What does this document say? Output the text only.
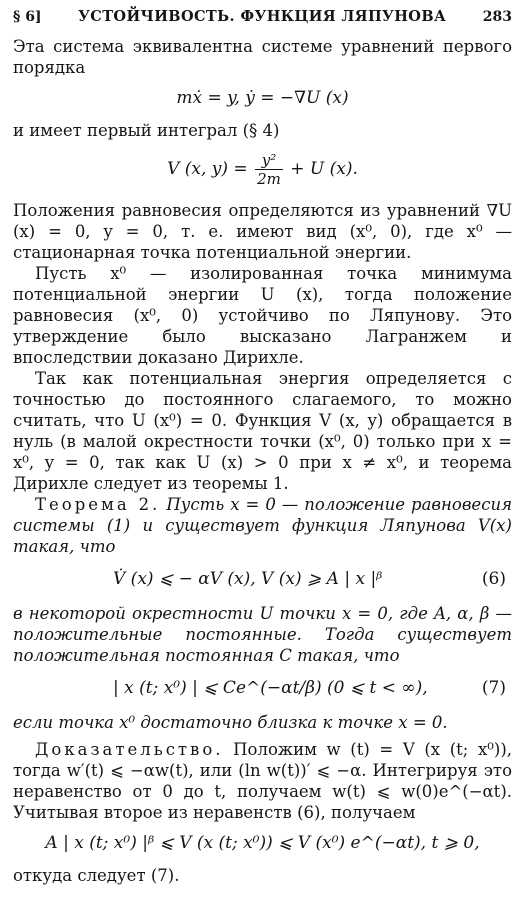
§ 6]	УСТОЙЧИВОСТЬ. ФУНКЦИЯ ЛЯПУНОВА	283

Эта система эквивалентна системе уравнений первого порядка

mẋ = y, ẏ = −∇U (x)

и имеет первый интеграл (§ 4)

V (x, $y) = \frac{\text{y²}}{2m} + U$ (x).

Положения равновесия определяются из уравнений ∇U (x) = 0, y = 0, т. е. имеют вид (x⁰, 0), где x⁰ — стационарная точка потенциальной энергии.

Пусть x⁰ — изолированная точка минимума потенциальной энергии U (x), тогда положение равновесия (x⁰, 0) устойчиво по Ляпунову. Это утверждение было высказано Лагранжем и впоследствии доказано Дирихле.

Так как потенциальная энергия определяется с точностью до постоянного слагаемого, то можно считать, что U (x⁰) = 0. Функция V (x, y) обращается в нуль (в малой окрестности точки (x⁰, 0) только при x = x⁰, y = 0, так как U (x) > 0 при x ≠ x⁰, и теорема Дирихле следует из теоремы 1.

Теорема 2. Пусть x = 0 — положение равновесия системы (1) и существует функция Ляпунова V(x) такая, что

V̇ (x) ⩽ − αV (x), V (x) ⩾ A | x |ᵝ	(6)

в некоторой окрестности U точки x = 0, где A, α, β — положительные постоянные. Тогда существует положительная постоянная C такая, что

| x (t; x⁰) | ⩽ Ce^(−αt/β) (0 ⩽ t < ∞),	(7)

если точка x⁰ достаточно близка к точке x = 0.

Доказательство. Положим w (t) = V (x (t; x⁰)), тогда w′(t) ⩽ −αw(t), или (ln w(t))′ ⩽ −α. Интегрируя это неравенство от 0 до t, получаем w(t) ⩽ w(0)e^(−αt). Учитывая второе из неравенств (6), получаем

A | x (t; x⁰) |ᵝ ⩽ V (x (t; x⁰)) ⩽ V (x⁰) e^(−αt), t ⩾ 0,

откуда следует (7).
